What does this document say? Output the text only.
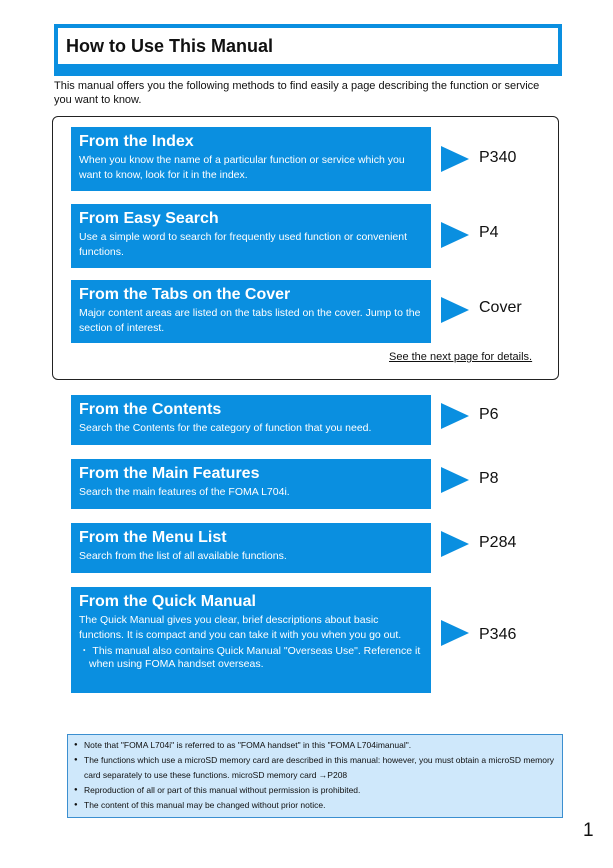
How to Use This Manual
This manual offers you the following methods to find easily a page describing the function or service you want to know.
From the Index
When you know the name of a particular function or service which you want to know, look for it in the index.
P340
From Easy Search
Use a simple word to search for frequently used function or convenient functions.
P4
From the Tabs on the Cover
Major content areas are listed on the tabs listed on the cover. Jump to the section of interest.
Cover
See the next page for details.
From the Contents
Search the Contents for the category of function that you need.
P6
From the Main Features
Search the main features of the FOMA L704i.
P8
From the Menu List
Search from the list of all available functions.
P284
From the Quick Manual
The Quick Manual gives you clear, brief descriptions about basic functions. It is compact and you can take it with you when you go out.
・ This manual also contains Quick Manual "Overseas Use". Reference it when using FOMA handset overseas.
P346
● Note that "FOMA L704i" is referred to as "FOMA handset" in this "FOMA L704imanual".
● The functions which use a microSD memory card are described in this manual: however, you must obtain a microSD memory card separately to use these functions. microSD memory card →P208
● Reproduction of all or part of this manual without permission is prohibited.
● The content of this manual may be changed without prior notice.
1
